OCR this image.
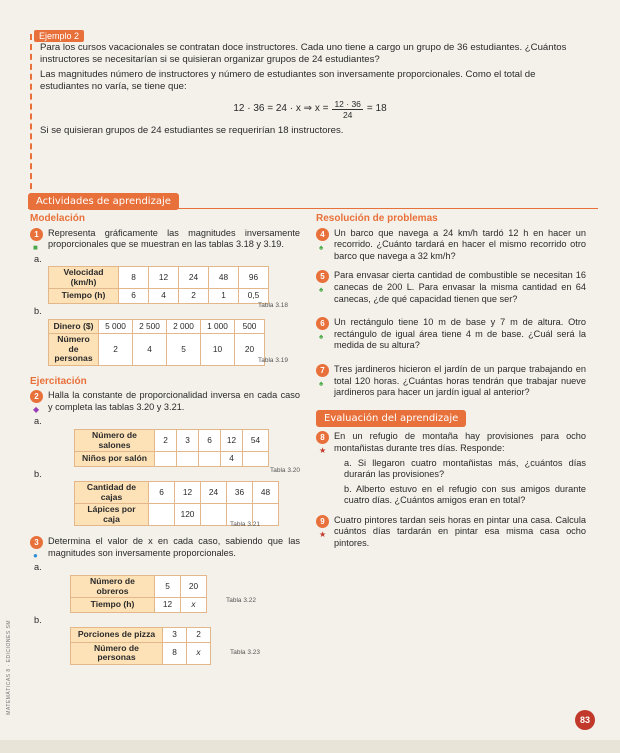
Ejemplo 2

Para los cursos vacacionales se contratan doce instructores. Cada uno tiene a cargo un grupo de 36 estudiantes. ¿Cuántos instructores se necesitarían si se quisieran organizar grupos de 24 estudiantes?

Las magnitudes número de instructores y número de estudiantes son inversamente proporcionales. Como el total de estudiantes no varía, se tiene que:

12 · 36 = 24 · x ⇒ $x = \frac{12 \cdot 36}{24} = 18$

Si se quisieran grupos de 24 estudiantes se requerirían 18 instructores.

Actividades de aprendizaje
Modelación
1
■
Representa gráficamente las magnitudes inversamente proporcionales que se muestran en las tablas 3.18 y 3.19.
a.
Velocidad (km/h)	8	12	24	48	96
Tiempo (h)	6	4	2	1	0,5
Tabla 3.18
b.
Dinero ($)	5 000	2 500	2 000	1 000	500
Número de personas	2	4	5	10	20
Tabla 3.19
Ejercitación
2
◆
Halla la constante de proporcionalidad inversa en cada caso y completa las tablas 3.20 y 3.21.
a.
Número de salones	2	3	6	12	54
Niños por salón				4	
Tabla 3.20
b.
Cantidad de cajas	6	12	24	36	48
Lápices por caja		120			
Tabla 3.21
3
●
Determina el valor de x en cada caso, sabiendo que las magnitudes son inversamente proporcionales.
a.
Número de obreros	5	20
Tiempo (h)	12	x	Tabla 3.22
b.
Porciones de pizza	3	2
Número de personas	8	x	Tabla 3.23
Resolución de problemas
4
♠
Un barco que navega a 24 km/h tardó 12 h en hacer un recorrido. ¿Cuánto tardará en hacer el mismo recorrido otro barco que navega a 32 km/h?
5
♠
Para envasar cierta cantidad de combustible se necesitan 16 canecas de 200 L. Para envasar la misma cantidad en 64 canecas, ¿de qué capacidad tienen que ser?
6
♠
Un rectángulo tiene 10 m de base y 7 m de altura. Otro rectángulo de igual área tiene 4 m de base. ¿Cuál será la medida de su altura?
7
♠
Tres jardineros hicieron el jardín de un parque trabajando en total 120 horas. ¿Cuántas horas tendrán que trabajar nueve jardineros para hacer un jardín igual al anterior?
Evaluación del aprendizaje
8
★
En un refugio de montaña hay provisiones para ocho montañistas durante tres días. Responde:
a. Si llegaron cuatro montañistas más, ¿cuántos días durarán las provisiones?
b. Alberto estuvo en el refugio con sus amigos durante cuatro días. ¿Cuántos amigos eran en total?
9
★
Cuatro pintores tardan seis horas en pintar una casa. Calcula cuántos días tardarán en pintar esa misma casa ocho pintores.
MATEMÁTICAS 8 · EDICIONES SM
83
